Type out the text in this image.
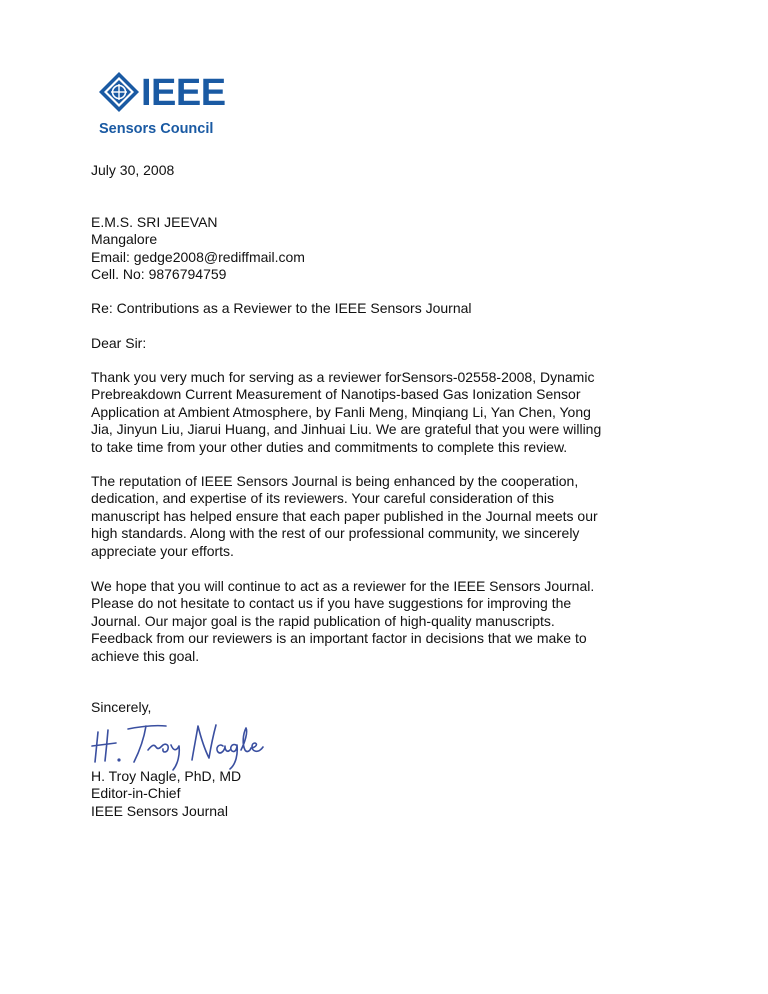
IEEE
Sensors Council
July 30, 2008
E.M.S. SRI JEEVAN
Mangalore
Email: gedge2008@rediffmail.com
Cell. No: 9876794759
Re: Contributions as a Reviewer to the IEEE Sensors Journal
Dear Sir:
Thank you very much for serving as a reviewer forSensors-02558-2008, Dynamic
Prebreakdown Current Measurement of Nanotips-based Gas Ionization Sensor
Application at Ambient Atmosphere, by Fanli Meng, Minqiang Li, Yan Chen, Yong
Jia, Jinyun Liu, Jiarui Huang, and Jinhuai Liu. We are grateful that you were willing
to take time from your other duties and commitments to complete this review.
The reputation of IEEE Sensors Journal is being enhanced by the cooperation,
dedication, and expertise of its reviewers. Your careful consideration of this
manuscript has helped ensure that each paper published in the Journal meets our
high standards. Along with the rest of our professional community, we sincerely
appreciate your efforts.
We hope that you will continue to act as a reviewer for the IEEE Sensors Journal.
Please do not hesitate to contact us if you have suggestions for improving the
Journal. Our major goal is the rapid publication of high-quality manuscripts.
Feedback from our reviewers is an important factor in decisions that we make to
achieve this goal.
Sincerely,
H. Troy Nagle, PhD, MD
Editor-in-Chief
IEEE Sensors Journal
